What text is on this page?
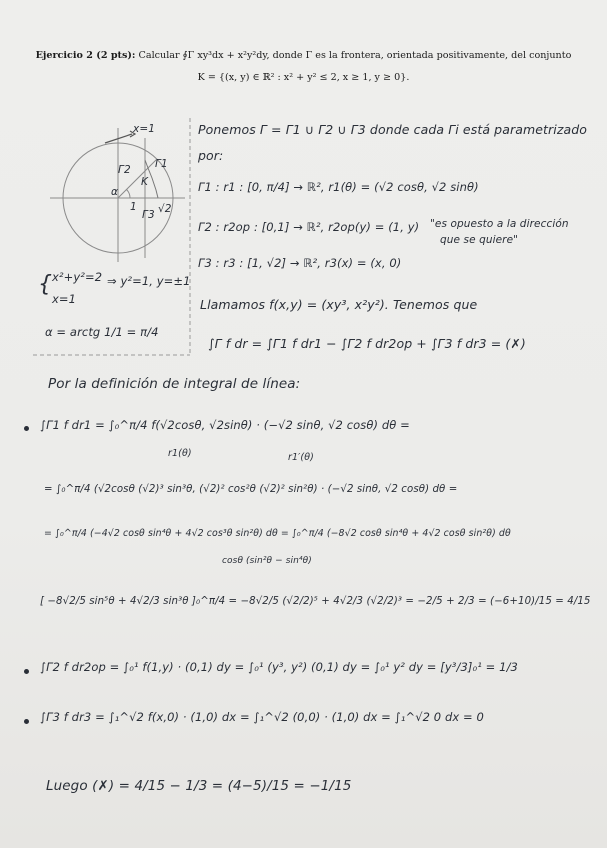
Ejercicio 2 (2 pts): Calcular ∮Γ xy³dx + x²y²dy, donde Γ es la frontera, orientada positivamente, del conjunto
K = {(x, y) ∈ ℝ² : x² + y² ≤ 2, x ≥ 1, y ≥ 0}.
x=1
Γ2 Γ1
K
α
1
Γ3 √2
{ x²+y²=2
x=1
⇒ y²=1, y=±1
α = arctg 1/1 = π/4
Ponemos Γ = Γ1 ∪ Γ2 ∪ Γ3 donde cada Γi está parametrizado
por:
Γ1 : r1 : [0, π/4] → ℝ², r1(θ) = (√2 cosθ, √2 sinθ)
Γ2 : r2op : [0,1] → ℝ², r2op(y) = (1, y) "es opuesto a la dirección
que se quiere"
Γ3 : r3 : [1, √2] → ℝ², r3(x) = (x, 0)
Llamamos f(x,y) = (xy³, x²y²). Tenemos que
∫Γ f dr = ∫Γ1 f dr1 − ∫Γ2 f dr2op + ∫Γ3 f dr3 = (✗)
Por la definición de integral de línea:
∫Γ1 f dr1 = ∫₀^π/4 f(√2cosθ, √2sinθ) · (−√2 sinθ, √2 cosθ) dθ =
r1(θ)	r1′(θ)
= ∫₀^π/4 (√2cosθ (√2)³ sin³θ, (√2)² cos²θ (√2)² sin²θ) · (−√2 sinθ, √2 cosθ) dθ =
= ∫₀^π/4 (−4√2 cosθ sin⁴θ + 4√2 cos³θ sin²θ) dθ = ∫₀^π/4 (−8√2 cosθ sin⁴θ + 4√2 cosθ sin²θ) dθ
cosθ (sin²θ − sin⁴θ)
[ −8√2/5 sin⁵θ + 4√2/3 sin³θ ]₀^π/4 = −8√2/5 (√2/2)⁵ + 4√2/3 (√2/2)³ = −2/5 + 2/3 = (−6+10)/15 = 4/15
∫Γ2 f dr2op = ∫₀¹ f(1,y) · (0,1) dy = ∫₀¹ (y³, y²) (0,1) dy = ∫₀¹ y² dy = [y³/3]₀¹ = 1/3
∫Γ3 f dr3 = ∫₁^√2 f(x,0) · (1,0) dx = ∫₁^√2 (0,0) · (1,0) dx = ∫₁^√2 0 dx = 0
Luego (✗) = 4/15 − 1/3 = (4−5)/15 = −1/15
